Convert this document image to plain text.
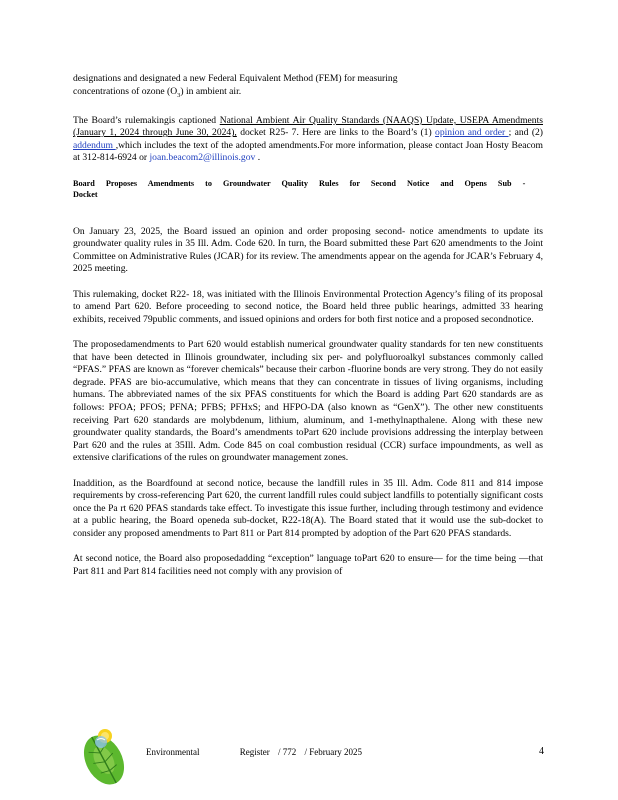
designations and designated a new Federal Equivalent Method (FEM) for measuring
concentrations of ozone $(O_3)$ in ambient air.

The Board’s rulemakingis captioned National Ambient Air Quality Standards (NAAQS) Update, USEPA Amendments (January 1, 2024 through June 30, 2024), docket R25- 7. Here are links to the Board’s (1) opinion and order ; and (2) addendum ,which includes the text of the adopted amendments.For more information, please contact Joan Hosty Beacom at 312-814-6924 or joan.beacom2@illinois.gov .

Board Proposes Amendments to Groundwater Quality Rules for Second Notice and Opens Sub -Docket

On January 23, 2025, the Board issued an opinion and order proposing second- notice amendments to update its groundwater quality rules in 35 Ill. Adm. Code 620. In turn, the Board submitted these Part 620 amendments to the Joint Committee on Administrative Rules (JCAR) for its review. The amendments appear on the agenda for JCAR’s February 4, 2025 meeting.

This rulemaking, docket R22- 18, was initiated with the Illinois Environmental Protection Agency’s filing of its proposal to amend Part 620. Before proceeding to second notice, the Board held three public hearings, admitted 33 hearing exhibits, received 79public comments, and issued opinions and orders for both first notice and a proposed secondnotice.

The proposedamendments to Part 620 would establish numerical groundwater quality standards for ten new constituents that have been detected in Illinois groundwater, including six per- and polyfluoroalkyl substances commonly called “PFAS.” PFAS are known as “forever chemicals” because their carbon -fluorine bonds are very strong. They do not easily degrade. PFAS are bio-accumulative, which means that they can concentrate in tissues of living organisms, including humans. The abbreviated names of the six PFAS constituents for which the Board is adding Part 620 standards are as follows: PFOA; PFOS; PFNA; PFBS; PFHxS; and HFPO-DA (also known as “GenX”). The other new constituents receiving Part 620 standards are molybdenum, lithium, aluminum, and 1-methylnapthalene. Along with these new groundwater quality standards, the Board’s amendments toPart 620 include provisions addressing the interplay between Part 620 and the rules at 35Ill. Adm. Code 845 on coal combustion residual (CCR) surface impoundments, as well as extensive clarifications of the rules on groundwater management zones.

Inaddition, as the Boardfound at second notice, because the landfill rules in 35 Ill. Adm. Code 811 and 814 impose requirements by cross-referencing Part 620, the current landfill rules could subject landfills to potentially significant costs once the Pa rt 620 PFAS standards take effect. To investigate this issue further, including through testimony and evidence at a public hearing, the Board openeda sub-docket, R22-18(A). The Board stated that it would use the sub-docket to consider any proposed amendments to Part 811 or Part 814 prompted by adoption of the Part 620 PFAS standards.

At second notice, the Board also proposedadding “exception” language toPart 620 to ensure— for the time being —that Part 811 and Part 814 facilities need not comply with any provision of

Environmental	Register / 772 / February 2025	4
